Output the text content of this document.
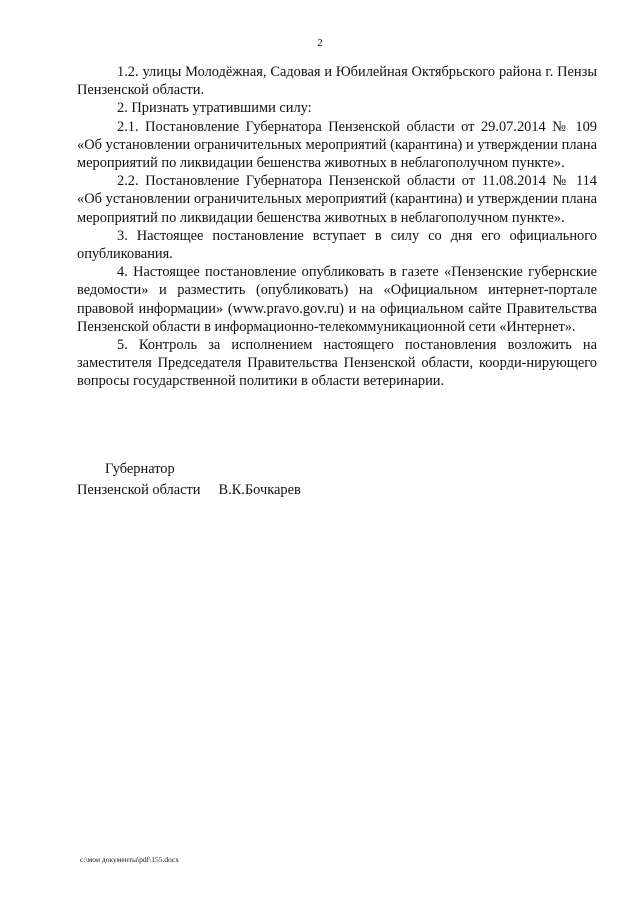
2

1.2. улицы Молодёжная, Садовая и Юбилейная Октябрьского района г. Пензы Пензенской области.

2. Признать утратившими силу:

2.1. Постановление Губернатора Пензенской области от 29.07.2014 № 109 «Об установлении ограничительных мероприятий (карантина) и утверждении плана мероприятий по ликвидации бешенства животных в неблагополучном пункте».

2.2. Постановление Губернатора Пензенской области от 11.08.2014 № 114 «Об установлении ограничительных мероприятий (карантина) и утверждении плана мероприятий по ликвидации бешенства животных в неблагополучном пункте».

3. Настоящее постановление вступает в силу со дня его официального опубликования.

4. Настоящее постановление опубликовать в газете «Пензенские губернские ведомости» и разместить (опубликовать) на «Официальном интернет-портале правовой информации» (www.pravo.gov.ru) и на официальном сайте Правительства Пензенской области в информационно-телекоммуникационной сети «Интернет».

5. Контроль за исполнением настоящего постановления возложить на заместителя Председателя Правительства Пензенской области, коорди-нирующего вопросы государственной политики в области ветеринарии.

Губернатор
Пензенской области В.К.Бочкарев
c:\мои документы\pdf\155.docx
